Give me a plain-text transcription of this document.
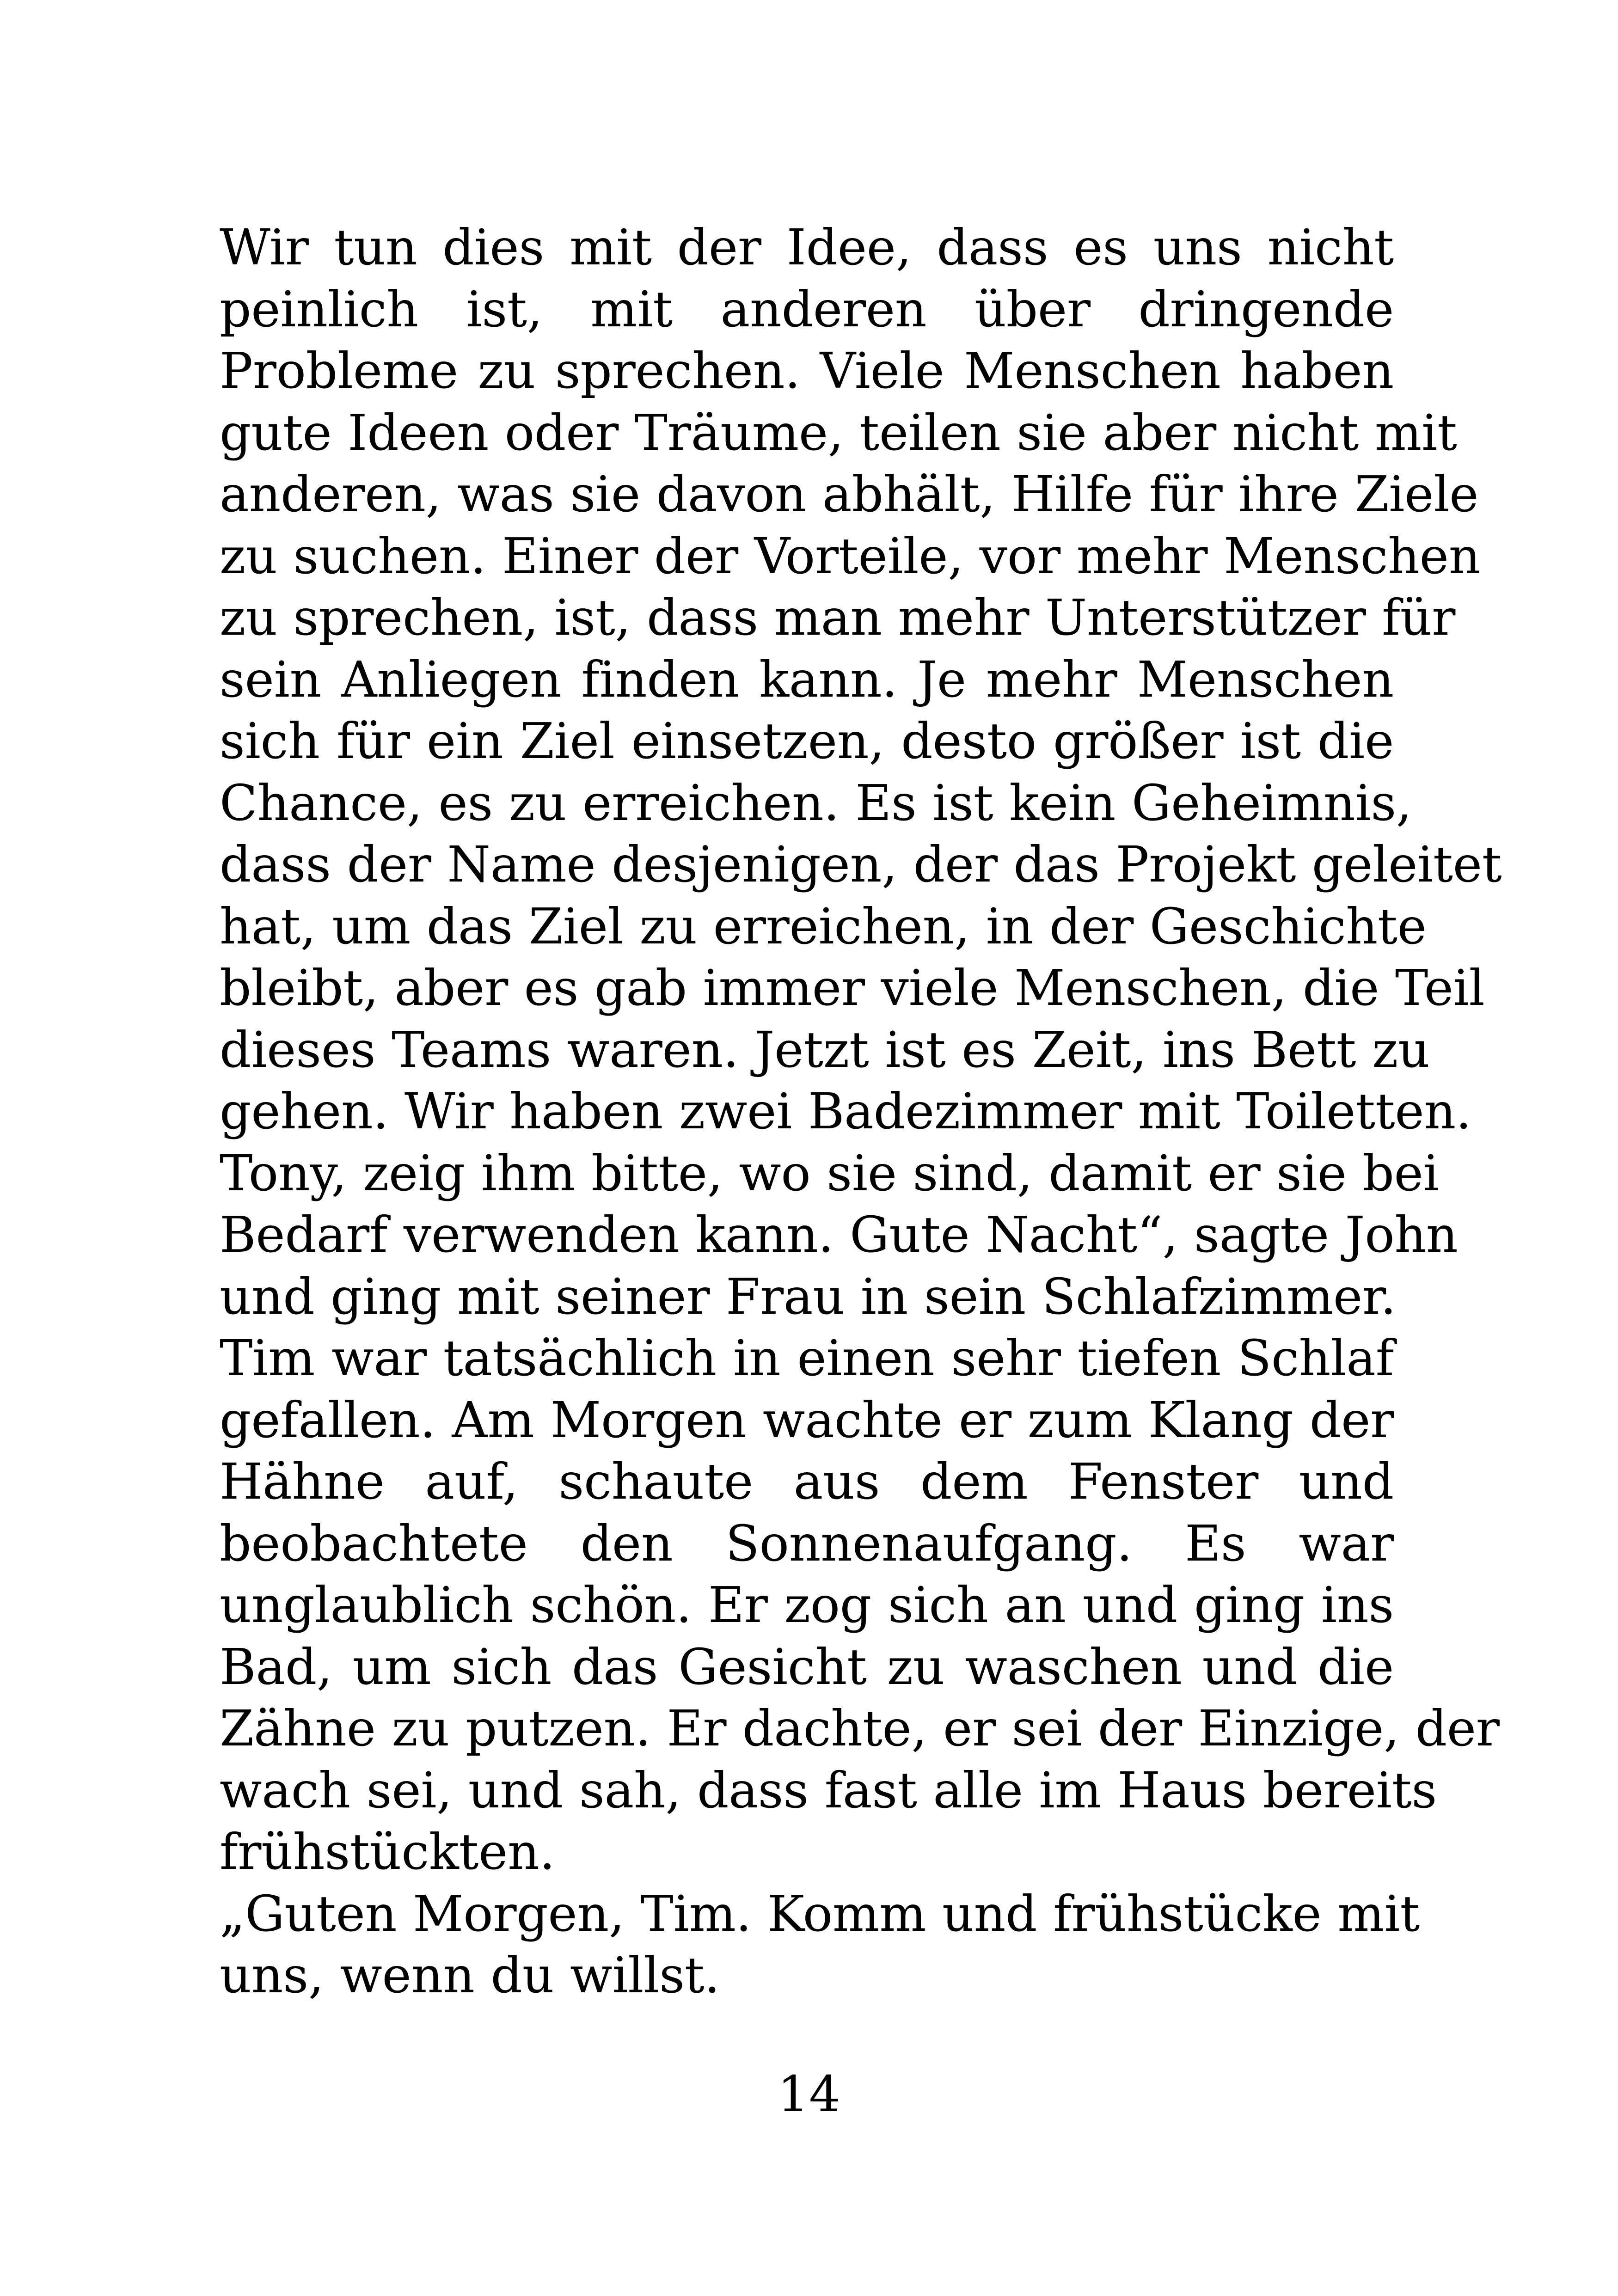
Wir tun dies mit der Idee, dass es uns nicht
peinlich ist, mit anderen über dringende
Probleme zu sprechen. Viele Menschen haben
gute Ideen oder Träume, teilen sie aber nicht mit
anderen, was sie davon abhält, Hilfe für ihre Ziele
zu suchen. Einer der Vorteile, vor mehr Menschen
zu sprechen, ist, dass man mehr Unterstützer für
sein Anliegen finden kann. Je mehr Menschen
sich für ein Ziel einsetzen, desto größer ist die
Chance, es zu erreichen. Es ist kein Geheimnis,
dass der Name desjenigen, der das Projekt geleitet
hat, um das Ziel zu erreichen, in der Geschichte
bleibt, aber es gab immer viele Menschen, die Teil
dieses Teams waren. Jetzt ist es Zeit, ins Bett zu
gehen. Wir haben zwei Badezimmer mit Toiletten.
Tony, zeig ihm bitte, wo sie sind, damit er sie bei
Bedarf verwenden kann. Gute Nacht“, sagte John
und ging mit seiner Frau in sein Schlafzimmer.
Tim war tatsächlich in einen sehr tiefen Schlaf
gefallen. Am Morgen wachte er zum Klang der
Hähne auf, schaute aus dem Fenster und
beobachtete den Sonnenaufgang. Es war
unglaublich schön. Er zog sich an und ging ins
Bad, um sich das Gesicht zu waschen und die
Zähne zu putzen. Er dachte, er sei der Einzige, der
wach sei, und sah, dass fast alle im Haus bereits
frühstückten.

„Guten Morgen, Tim. Komm und frühstücke mit
uns, wenn du willst.

14
